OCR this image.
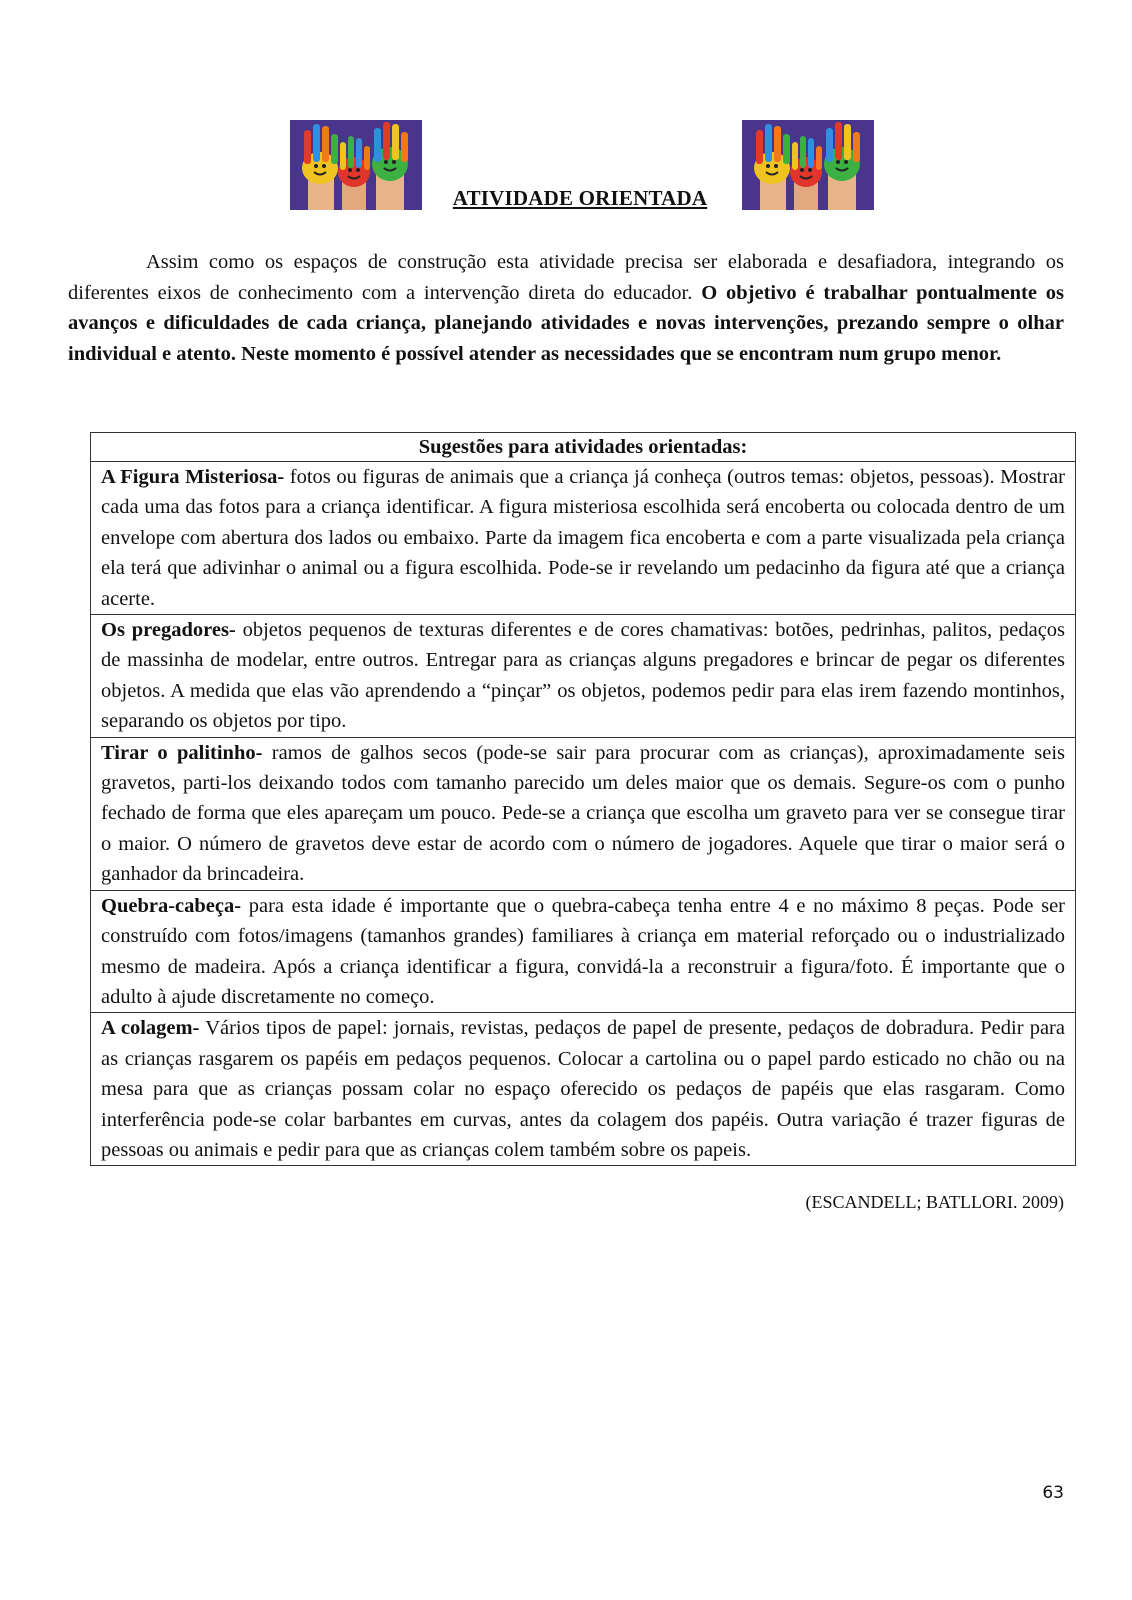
ATIVIDADE ORIENTADA
Assim como os espaços de construção esta atividade precisa ser elaborada e desafiadora, integrando os diferentes eixos de conhecimento com a intervenção direta do educador. O objetivo é trabalhar pontualmente os avanços e dificuldades de cada criança, planejando atividades e novas intervenções, prezando sempre o olhar individual e atento. Neste momento é possível atender as necessidades que se encontram num grupo menor.
Sugestões para atividades orientadas:
A Figura Misteriosa- fotos ou figuras de animais que a criança já conheça (outros temas: objetos, pessoas). Mostrar cada uma das fotos para a criança identificar. A figura misteriosa escolhida será encoberta ou colocada dentro de um envelope com abertura dos lados ou embaixo. Parte da imagem fica encoberta e com a parte visualizada pela criança ela terá que adivinhar o animal ou a figura escolhida. Pode-se ir revelando um pedacinho da figura até que a criança acerte.
Os pregadores- objetos pequenos de texturas diferentes e de cores chamativas: botões, pedrinhas, palitos, pedaços de massinha de modelar, entre outros. Entregar para as crianças alguns pregadores e brincar de pegar os diferentes objetos. A medida que elas vão aprendendo a “pinçar” os objetos, podemos pedir para elas irem fazendo montinhos, separando os objetos por tipo.
Tirar o palitinho- ramos de galhos secos (pode-se sair para procurar com as crianças), aproximadamente seis gravetos, parti-los deixando todos com tamanho parecido um deles maior que os demais. Segure-os com o punho fechado de forma que eles apareçam um pouco. Pede-se a criança que escolha um graveto para ver se consegue tirar o maior. O número de gravetos deve estar de acordo com o número de jogadores. Aquele que tirar o maior será o ganhador da brincadeira.
Quebra-cabeça- para esta idade é importante que o quebra-cabeça tenha entre 4 e no máximo 8 peças. Pode ser construído com fotos/imagens (tamanhos grandes) familiares à criança em material reforçado ou o industrializado mesmo de madeira. Após a criança identificar a figura, convidá-la a reconstruir a figura/foto. É importante que o adulto à ajude discretamente no começo.
A colagem- Vários tipos de papel: jornais, revistas, pedaços de papel de presente, pedaços de dobradura. Pedir para as crianças rasgarem os papéis em pedaços pequenos. Colocar a cartolina ou o papel pardo esticado no chão ou na mesa para que as crianças possam colar no espaço oferecido os pedaços de papéis que elas rasgaram. Como interferência pode-se colar barbantes em curvas, antes da colagem dos papéis. Outra variação é trazer figuras de pessoas ou animais e pedir para que as crianças colem também sobre os papeis.
(ESCANDELL; BATLLORI. 2009)
63
